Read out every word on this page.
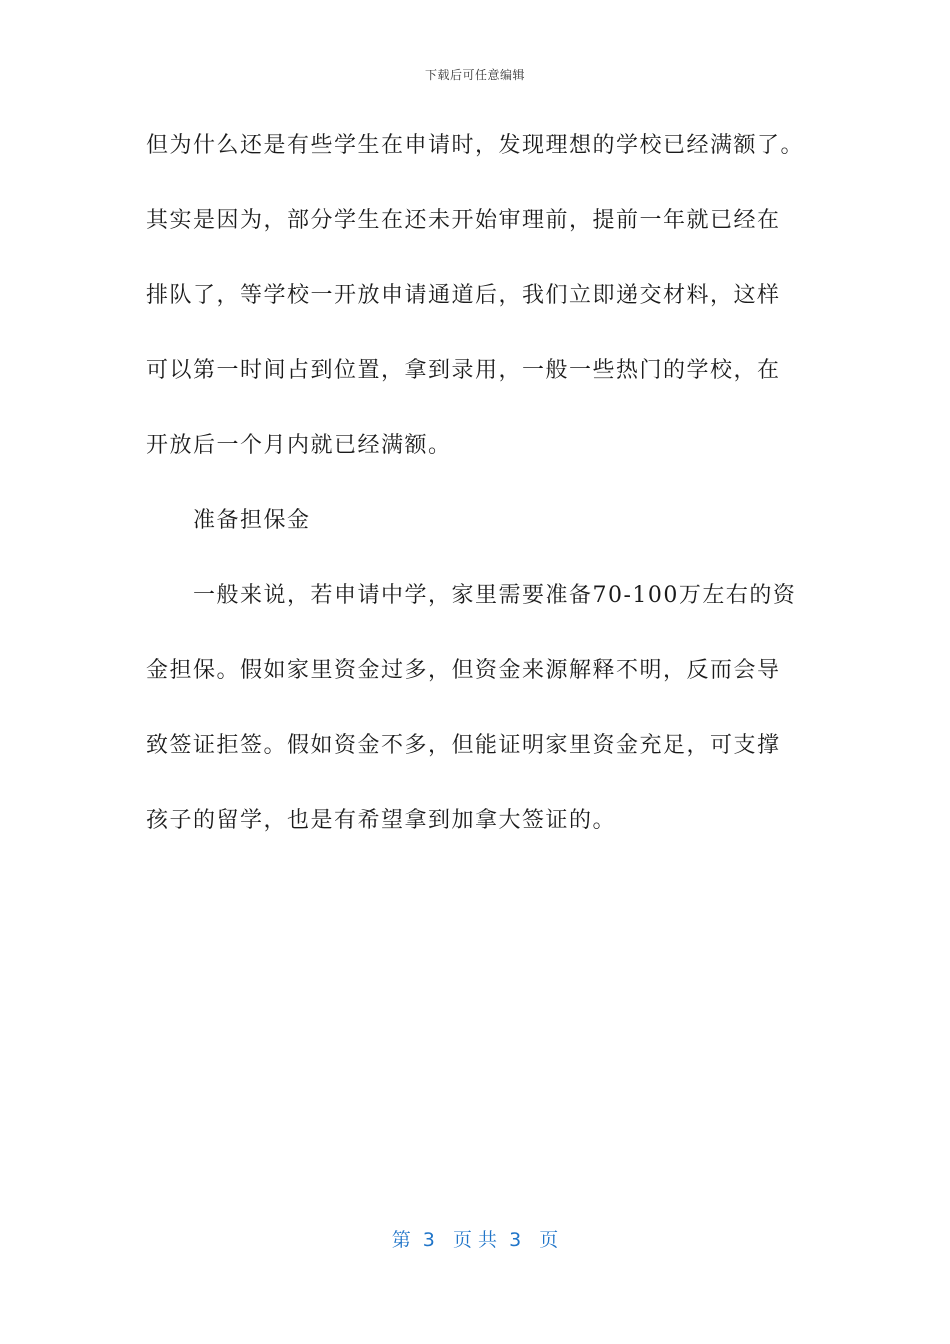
下载后可任意编辑
但为什么还是有些学生在申请时，发现理想的学校已经满额了。
其实是因为，部分学生在还未开始审理前，提前一年就已经在
排队了，等学校一开放申请通道后，我们立即递交材料，这样
可以第一时间占到位置，拿到录用，一般一些热门的学校，在
开放后一个月内就已经满额。
准备担保金
一般来说，若申请中学，家里需要准备70-100万左右的资
金担保。假如家里资金过多，但资金来源解释不明，反而会导
致签证拒签。假如资金不多，但能证明家里资金充足，可支撑
孩子的留学，也是有希望拿到加拿大签证的。
第  3   页 共  3   页
